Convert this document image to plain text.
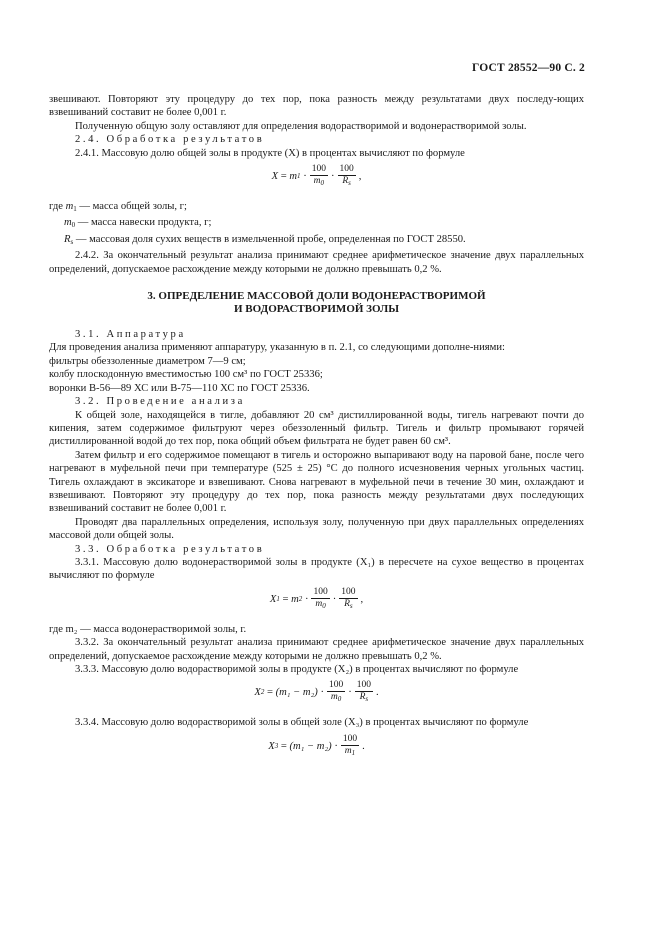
ГОСТ 28552—90 С. 2

звешивают. Повторяют эту процедуру до тех пор, пока разность между результатами двух последу-ющих взвешиваний составит не более 0,001 г.

Полученную общую золу оставляют для определения водорастворимой и водонерастворимой золы.

2.4. Обработка результатов

2.4.1. Массовую долю общей золы в продукте (X) в процентах вычисляют по формуле

X
=
m 1
·
100
$m_0$
·
100
$R_s$
,

где $m_1$ — масса общей золы, г;

$m_0$ — масса навески продукта, г;

$R_s$ — массовая доля сухих веществ в измельченной пробе, определенная по ГОСТ 28550.

2.4.2. За окончательный результат анализа принимают среднее арифметическое значение двух параллельных определений, допускаемое расхождение между которыми не должно превышать 0,2 %.

3. ОПРЕДЕЛЕНИЕ МАССОВОЙ ДОЛИ ВОДОНЕРАСТВОРИМОЙ
И ВОДОРАСТВОРИМОЙ ЗОЛЫ

3.1. Аппаратура

Для проведения анализа применяют аппаратуру, указанную в п. 2.1, со следующими дополне-ниями:

фильтры обеззоленные диаметром 7—9 см;

колбу плоскодонную вместимостью 100 см³ по ГОСТ 25336;

воронки В-56—89 ХС или В-75—110 ХС по ГОСТ 25336.

3.2. Проведение анализа

К общей золе, находящейся в тигле, добавляют 20 см³ дистиллированной воды, тигель нагревают почти до кипения, затем содержимое фильтруют через обеззоленный фильтр. Тигель и фильтр промывают горячей дистиллированной водой до тех пор, пока общий объем фильтрата не будет равен 60 см³.

Затем фильтр и его содержимое помещают в тигель и осторожно выпаривают воду на паровой бане, после чего нагревают в муфельной печи при температуре (525 ± 25) °С до полного исчезновения черных угольных частиц. Тигель охлаждают в эксикаторе и взвешивают. Снова нагревают в муфельной печи в течение 30 мин, охлаждают и взвешивают. Повторяют эту процедуру до тех пор, пока разность между результатами двух последующих взвешиваний составит не более 0,001 г.

Проводят два параллельных определения, используя золу, полученную при двух параллельных определениях массовой доли общей золы.

3.3. Обработка результатов

3.3.1. Массовую долю водонерастворимой золы в продукте (X₁) в пересчете на сухое вещество в процентах вычисляют по формуле

X 1
=
m 2
·
100
$m_0$
·
100
$R_s$
,

где m₂ — масса водонерастворимой золы, г.

3.3.2. За окончательный результат анализа принимают среднее арифметическое значение двух параллельных определений, допускаемое расхождение между которыми не должно превышать 0,2 %.

3.3.3. Массовую долю водорастворимой золы в продукте (X₂) в процентах вычисляют по формуле

X 2
=
(m₁ − m₂)
·
100
$m_0$
·
100
$R_s$
.

3.3.4. Массовую долю водорастворимой золы в общей золе (X₃) в процентах вычисляют по формуле

X 3
=
(m₁ − m₂)
·
100
$m_1$
.
